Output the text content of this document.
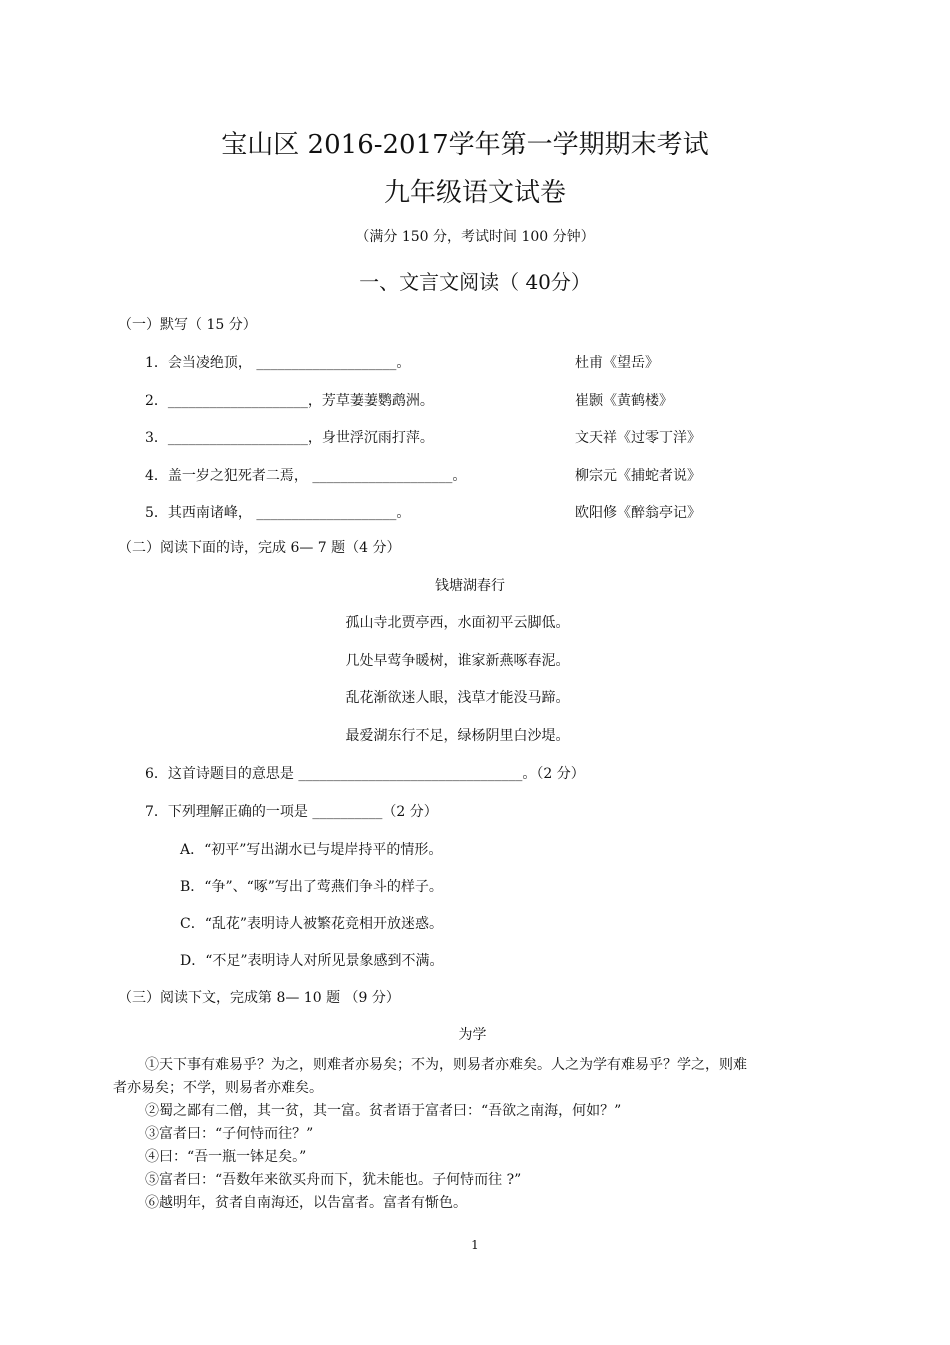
宝山区 2016-2017学年第一学期期末考试
九年级语文试卷
（满分 150 分，考试时间 100 分钟）
一、文言文阅读（ 40分）
（一）默写（ 15 分）
1．会当凌绝顶， ____________________。	杜甫《望岳》
2．____________________，芳草萋萋鹦鹉洲。	崔颢《黄鹤楼》
3．____________________，身世浮沉雨打萍。	文天祥《过零丁洋》
4．盖一岁之犯死者二焉， ____________________。	柳宗元《捕蛇者说》
5．其西南诸峰， ____________________。	欧阳修《醉翁亭记》
（二）阅读下面的诗，完成 6— 7 题（4 分）
钱塘湖春行
孤山寺北贾亭西，水面初平云脚低。
几处早莺争暖树，谁家新燕啄春泥。
乱花渐欲迷人眼，浅草才能没马蹄。
最爱湖东行不足，绿杨阴里白沙堤。
6．这首诗题目的意思是 ________________________________。（2 分）
7．下列理解正确的一项是 __________（2 分）
A．“初平”写出湖水已与堤岸持平的情形。
B．“争”、“啄”写出了莺燕们争斗的样子。
C．“乱花”表明诗人被繁花竞相开放迷惑。
D．“不足”表明诗人对所见景象感到不满。
（三）阅读下文，完成第 8— 10 题 （9 分）
为学
①天下事有难易乎？为之，则难者亦易矣；不为，则易者亦难矣。人之为学有难易乎？学之，则难者亦易矣；不学，则易者亦难矣。
②蜀之鄙有二僧，其一贫，其一富。贫者语于富者曰：“吾欲之南海，何如？”
③富者曰：“子何恃而往？”
④曰：“吾一瓶一钵足矣。”
⑤富者曰：“吾数年来欲买舟而下，犹未能也。子何恃而往 ?”
⑥越明年，贫者自南海还，以告富者。富者有惭色。
1
